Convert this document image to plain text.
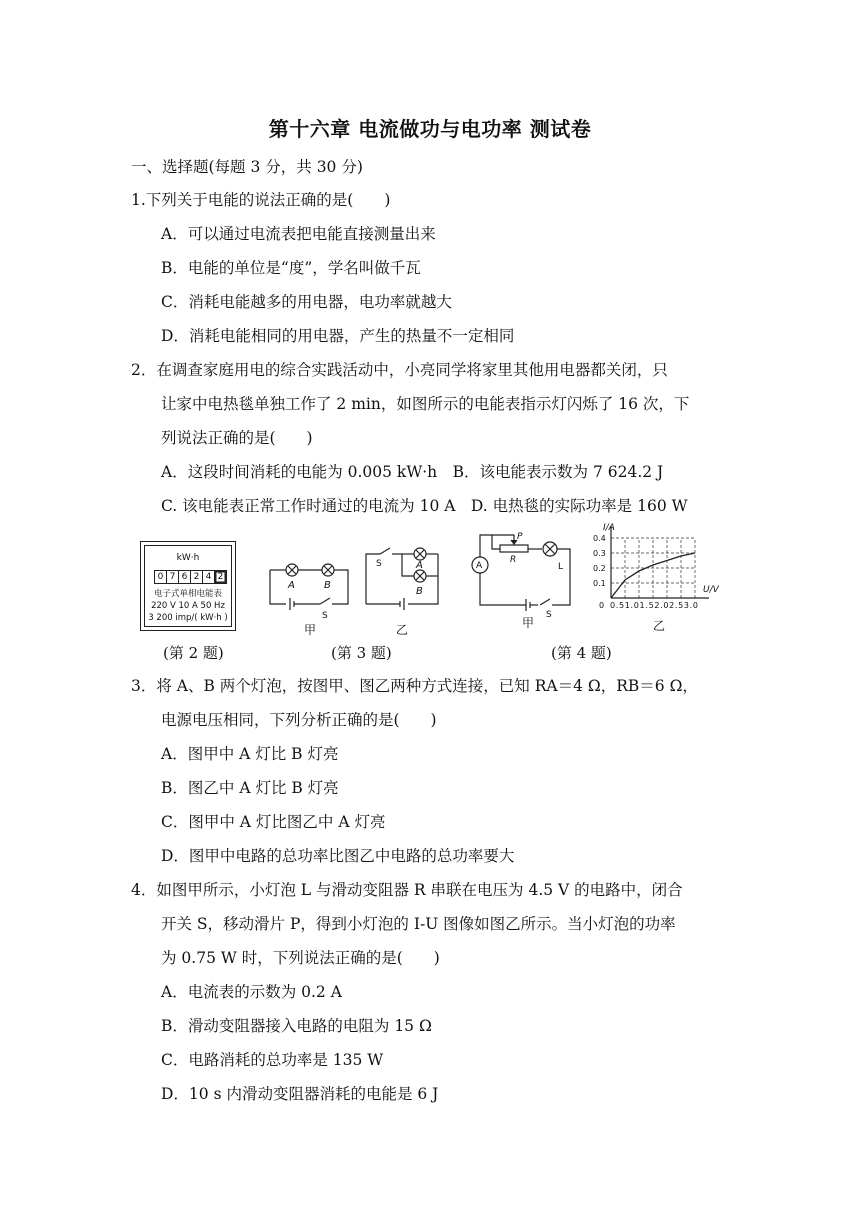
第十六章 电流做功与电功率 测试卷
一、选择题(每题 3 分，共 30 分)
1.下列关于电能的说法正确的是(　　)
A．可以通过电流表把电能直接测量出来
B．电能的单位是“度”，学名叫做千瓦
C．消耗电能越多的用电器，电功率就越大
D．消耗电能相同的用电器，产生的热量不一定相同
2．在调查家庭用电的综合实践活动中，小亮同学将家里其他用电器都关闭，只
让家中电热毯单独工作了 2 min，如图所示的电能表指示灯闪烁了 16 次，下
列说法正确的是(　　)
A．这段时间消耗的电能为 0.005 kW·h　B．该电能表示数为 7 624.2 J
C. 该电能表正常工作时通过的电流为 10 A　D. 电热毯的实际功率是 160 W
kW·h
0 7 6 2 4 2
电子式单相电能表
220 V 10 A 50 Hz
3 200 imp/( kW·h )
A	B
A
B
S
S
甲	乙
A	L
S
P
R
甲
0.4
0.3
0.2
0.1
I/A
U/V
0 0.51.01.52.02.53.0
乙
(第 2 题)	(第 3 题)	(第 4 题)
3．将 A、B 两个灯泡，按图甲、图乙两种方式连接，已知 RA＝4 Ω，RB＝6 Ω，
电源电压相同，下列分析正确的是(　　)
A．图甲中 A 灯比 B 灯亮
B．图乙中 A 灯比 B 灯亮
C．图甲中 A 灯比图乙中 A 灯亮
D．图甲中电路的总功率比图乙中电路的总功率要大
4．如图甲所示，小灯泡 L 与滑动变阻器 R 串联在电压为 4.5 V 的电路中，闭合
开关 S，移动滑片 P，得到小灯泡的 I-U 图像如图乙所示。当小灯泡的功率
为 0.75 W 时，下列说法正确的是(　　)
A．电流表的示数为 0.2 A
B．滑动变阻器接入电路的电阻为 15 Ω
C．电路消耗的总功率是 135 W
D．10 s 内滑动变阻器消耗的电能是 6 J
